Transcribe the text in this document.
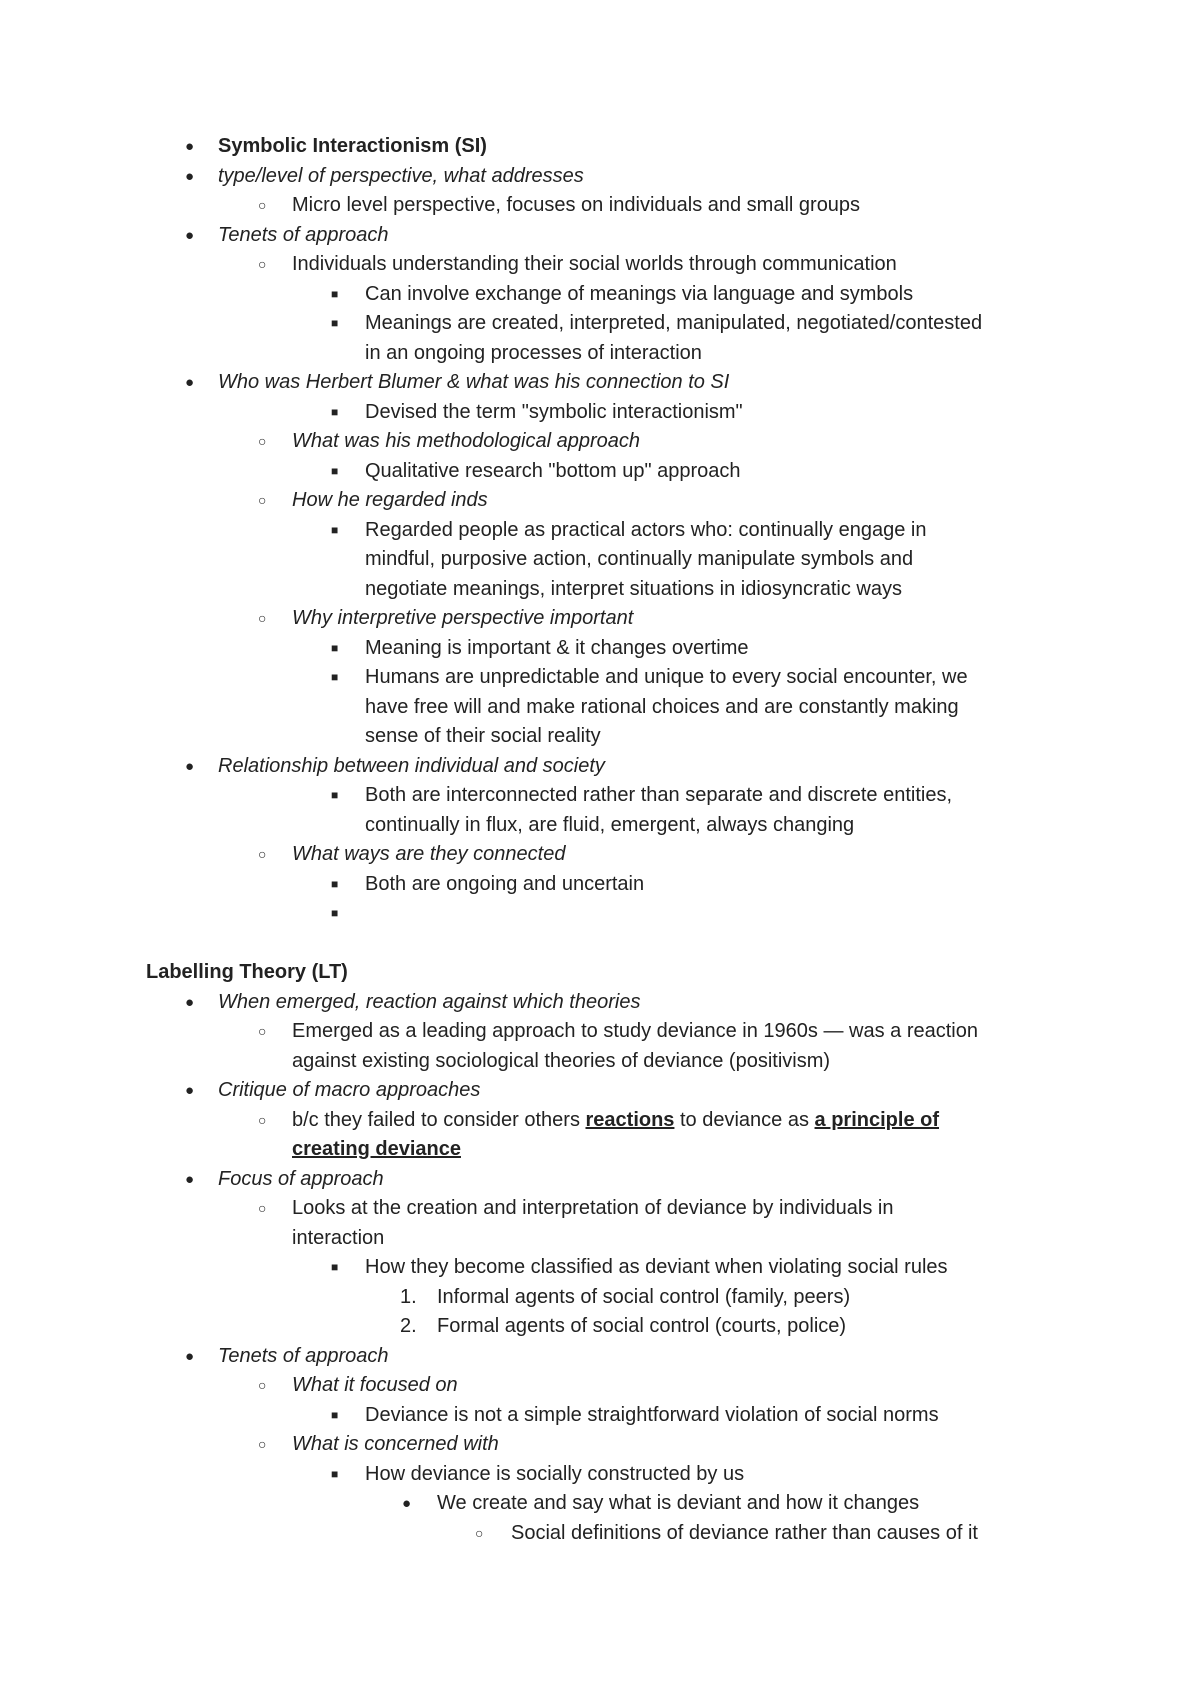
● Symbolic Interactionism (SI)
● type/level of perspective, what addresses
○ Micro level perspective, focuses on individuals and small groups
● Tenets of approach
○ Individuals understanding their social worlds through communication
■ Can involve exchange of meanings via language and symbols
■ Meanings are created, interpreted, manipulated, negotiated/contested
in an ongoing processes of interaction
● Who was Herbert Blumer & what was his connection to SI
■ Devised the term "symbolic interactionism"
○ What was his methodological approach
■ Qualitative research "bottom up" approach
○ How he regarded inds
■ Regarded people as practical actors who: continually engage in
mindful, purposive action, continually manipulate symbols and
negotiate meanings, interpret situations in idiosyncratic ways
○ Why interpretive perspective important
■ Meaning is important & it changes overtime
■ Humans are unpredictable and unique to every social encounter, we
have free will and make rational choices and are constantly making
sense of their social reality
● Relationship between individual and society
■ Both are interconnected rather than separate and discrete entities,
continually in flux, are fluid, emergent, always changing
○ What ways are they connected
■ Both are ongoing and uncertain
■
Labelling Theory (LT)
● When emerged, reaction against which theories
○ Emerged as a leading approach to study deviance in 1960s — was a reaction
against existing sociological theories of deviance (positivism)
● Critique of macro approaches
○ b/c they failed to consider others reactions to deviance as a principle of
creating deviance
● Focus of approach
○ Looks at the creation and interpretation of deviance by individuals in
interaction
■ How they become classified as deviant when violating social rules
1. Informal agents of social control (family, peers)
2. Formal agents of social control (courts, police)
● Tenets of approach
○ What it focused on
■ Deviance is not a simple straightforward violation of social norms
○ What is concerned with
■ How deviance is socially constructed by us
● We create and say what is deviant and how it changes
○ Social definitions of deviance rather than causes of it
